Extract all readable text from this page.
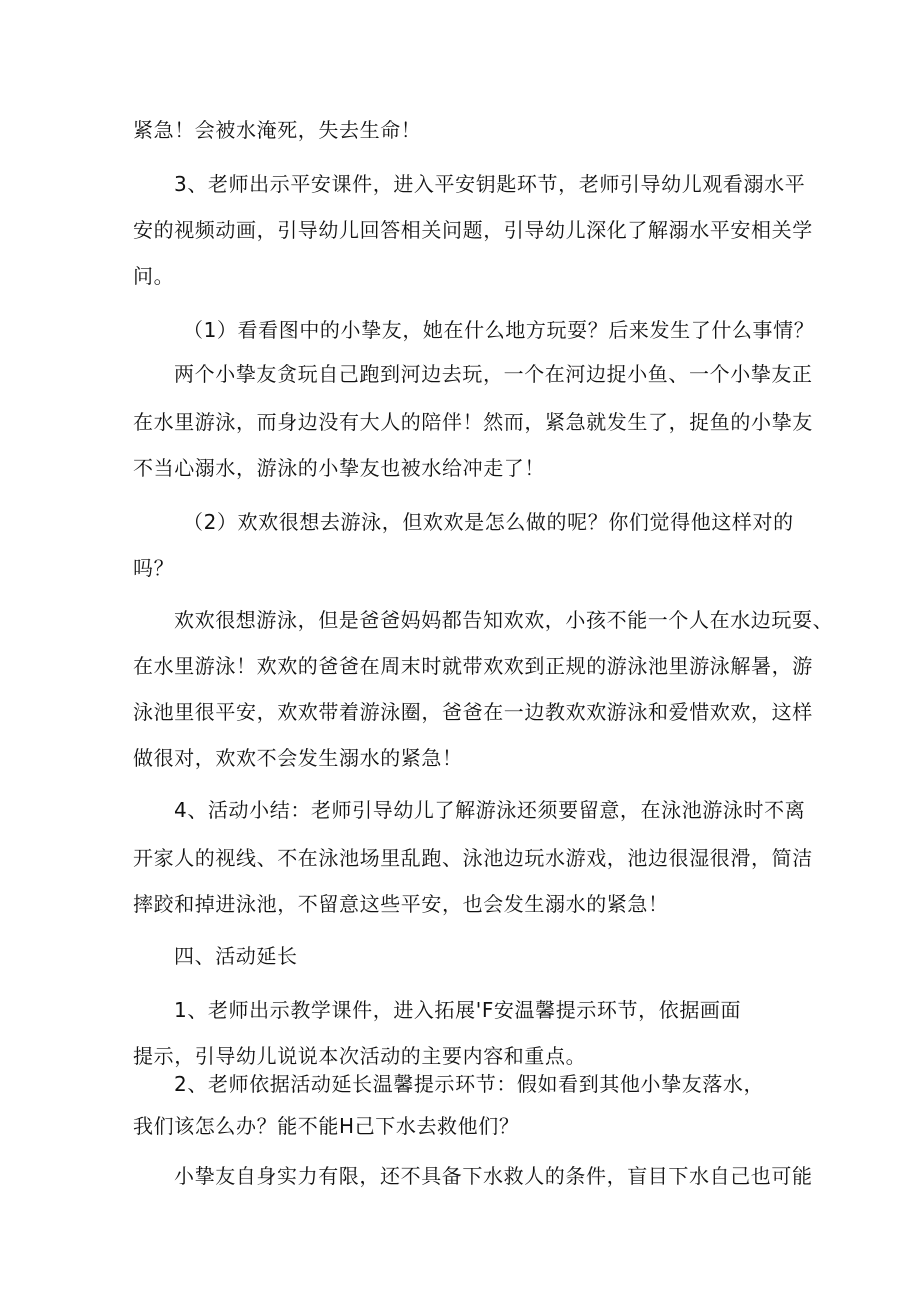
紧急！会被水淹死，失去生命！
3、老师出示平安课件，进入平安钥匙环节，老师引导幼儿观看溺水平
安的视频动画，引导幼儿回答相关问题，引导幼儿深化了解溺水平安相关学
问。
（1）看看图中的小挚友，她在什么地方玩耍？后来发生了什么事情？
两个小挚友贪玩自己跑到河边去玩，一个在河边捉小鱼、一个小挚友正
在水里游泳，而身边没有大人的陪伴！然而，紧急就发生了，捉鱼的小挚友
不当心溺水，游泳的小挚友也被水给冲走了！
（2）欢欢很想去游泳，但欢欢是怎么做的呢？你们觉得他这样对的
吗？
欢欢很想游泳，但是爸爸妈妈都告知欢欢，小孩不能一个人在水边玩耍、
在水里游泳！欢欢的爸爸在周末时就带欢欢到正规的游泳池里游泳解暑，游
泳池里很平安，欢欢带着游泳圈，爸爸在一边教欢欢游泳和爱惜欢欢，这样
做很对，欢欢不会发生溺水的紧急！
4、活动小结：老师引导幼儿了解游泳还须要留意，在泳池游泳时不离
开家人的视线、不在泳池场里乱跑、泳池边玩水游戏，池边很湿很滑，简洁
摔跤和掉进泳池，不留意这些平安，也会发生溺水的紧急！
四、活动延长
1、老师出示教学课件，进入拓展'F安温馨提示环节，依据画面
提示，引导幼儿说说本次活动的主要内容和重点。
2、老师依据活动延长温馨提示环节：假如看到其他小挚友落水，
我们该怎么办？能不能H己下水去救他们？
小挚友自身实力有限，还不具备下水救人的条件，盲目下水自己也可能
